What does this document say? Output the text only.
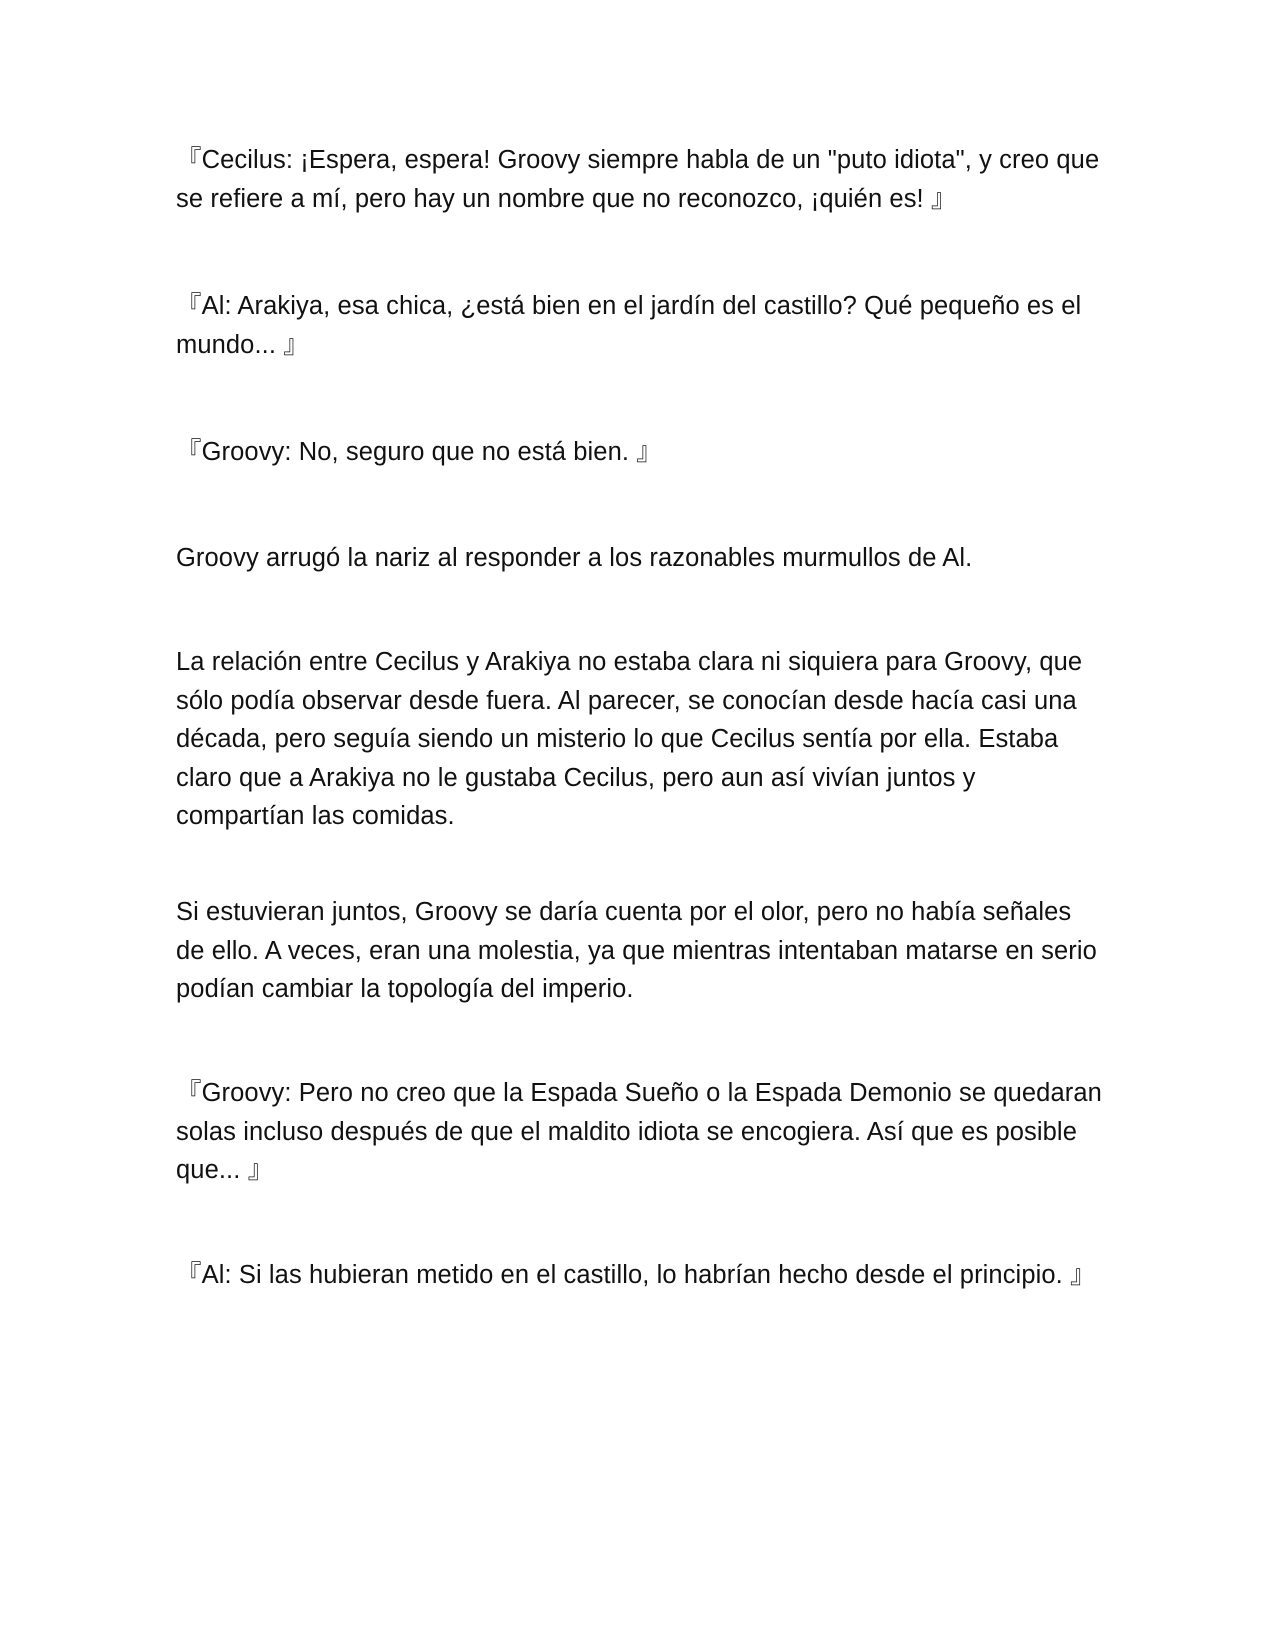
『Cecilus: ¡Espera, espera! Groovy siempre habla de un "puto idiota", y creo que se refiere a mí, pero hay un nombre que no reconozco, ¡quién es! 』

『Al: Arakiya, esa chica, ¿está bien en el jardín del castillo? Qué pequeño es el mundo... 』

『Groovy: No, seguro que no está bien. 』

Groovy arrugó la nariz al responder a los razonables murmullos de Al.

La relación entre Cecilus y Arakiya no estaba clara ni siquiera para Groovy, que sólo podía observar desde fuera. Al parecer, se conocían desde hacía casi una década, pero seguía siendo un misterio lo que Cecilus sentía por ella. Estaba claro que a Arakiya no le gustaba Cecilus, pero aun así vivían juntos y compartían las comidas.

Si estuvieran juntos, Groovy se daría cuenta por el olor, pero no había señales de ello. A veces, eran una molestia, ya que mientras intentaban matarse en serio podían cambiar la topología del imperio.

『Groovy: Pero no creo que la Espada Sueño o la Espada Demonio se quedaran solas incluso después de que el maldito idiota se encogiera. Así que es posible que... 』

『Al: Si las hubieran metido en el castillo, lo habrían hecho desde el principio. 』
